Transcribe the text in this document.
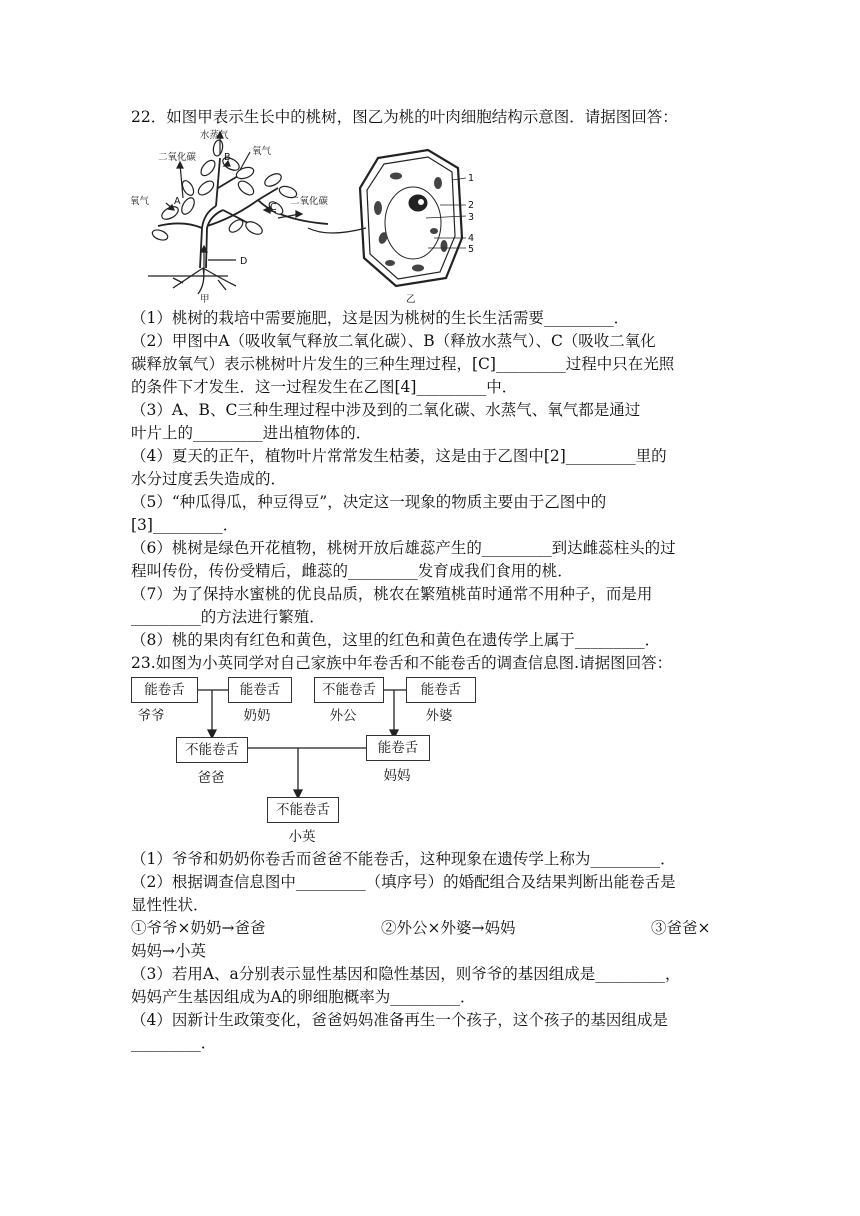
22．如图甲表示生长中的桃树，图乙为桃的叶肉细胞结构示意图．请据图回答：
水蒸气
二氧化碳
氧气
氧气	二氧化碳
A
B
C
D
甲
1
2
3
4
5
乙
（1）桃树的栽培中需要施肥，这是因为桃树的生长生活需要_________．
（2）甲图中A（吸收氧气释放二氧化碳）、B（释放水蒸气）、C（吸收二氧化
碳释放氧气）表示桃树叶片发生的三种生理过程，[C]_________过程中只在光照
的条件下才发生．这一过程发生在乙图[4]_________中．
（3）A、B、C三种生理过程中涉及到的二氧化碳、水蒸气、氧气都是通过
叶片上的_________进出植物体的．
（4）夏天的正午，植物叶片常常发生枯萎，这是由于乙图中[2]_________里的
水分过度丢失造成的．
（5）“种瓜得瓜，种豆得豆”，决定这一现象的物质主要由于乙图中的
[3]_________．
（6）桃树是绿色开花植物，桃树开放后雄蕊产生的_________到达雌蕊柱头的过
程叫传份，传份受精后，雌蕊的_________发育成我们食用的桃．
（7）为了保持水蜜桃的优良品质，桃农在繁殖桃苗时通常不用种子，而是用
_________的方法进行繁殖．
（8）桃的果肉有红色和黄色，这里的红色和黄色在遗传学上属于_________．
23.如图为小英同学对自己家族中年卷舌和不能卷舌的调查信息图.请据图回答：
能卷舌
爷爷
能卷舌
奶奶
不能卷舌
外公
能卷舌
外婆
不能卷舌
爸爸
能卷舌
妈妈
不能卷舌
小英
（1）爷爷和奶奶你卷舌而爸爸不能卷舌，这种现象在遗传学上称为_________．
（2）根据调查信息图中_________（填序号）的婚配组合及结果判断出能卷舌是
显性性状．
①爷爷×奶奶→爸爸	②外公×外婆→妈妈	③爸爸×
妈妈→小英
（3）若用A、a分别表示显性基因和隐性基因，则爷爷的基因组成是_________，
妈妈产生基因组成为A的卵细胞概率为_________．
（4）因新计生政策变化，爸爸妈妈准备再生一个孩子，这个孩子的基因组成是
_________．
